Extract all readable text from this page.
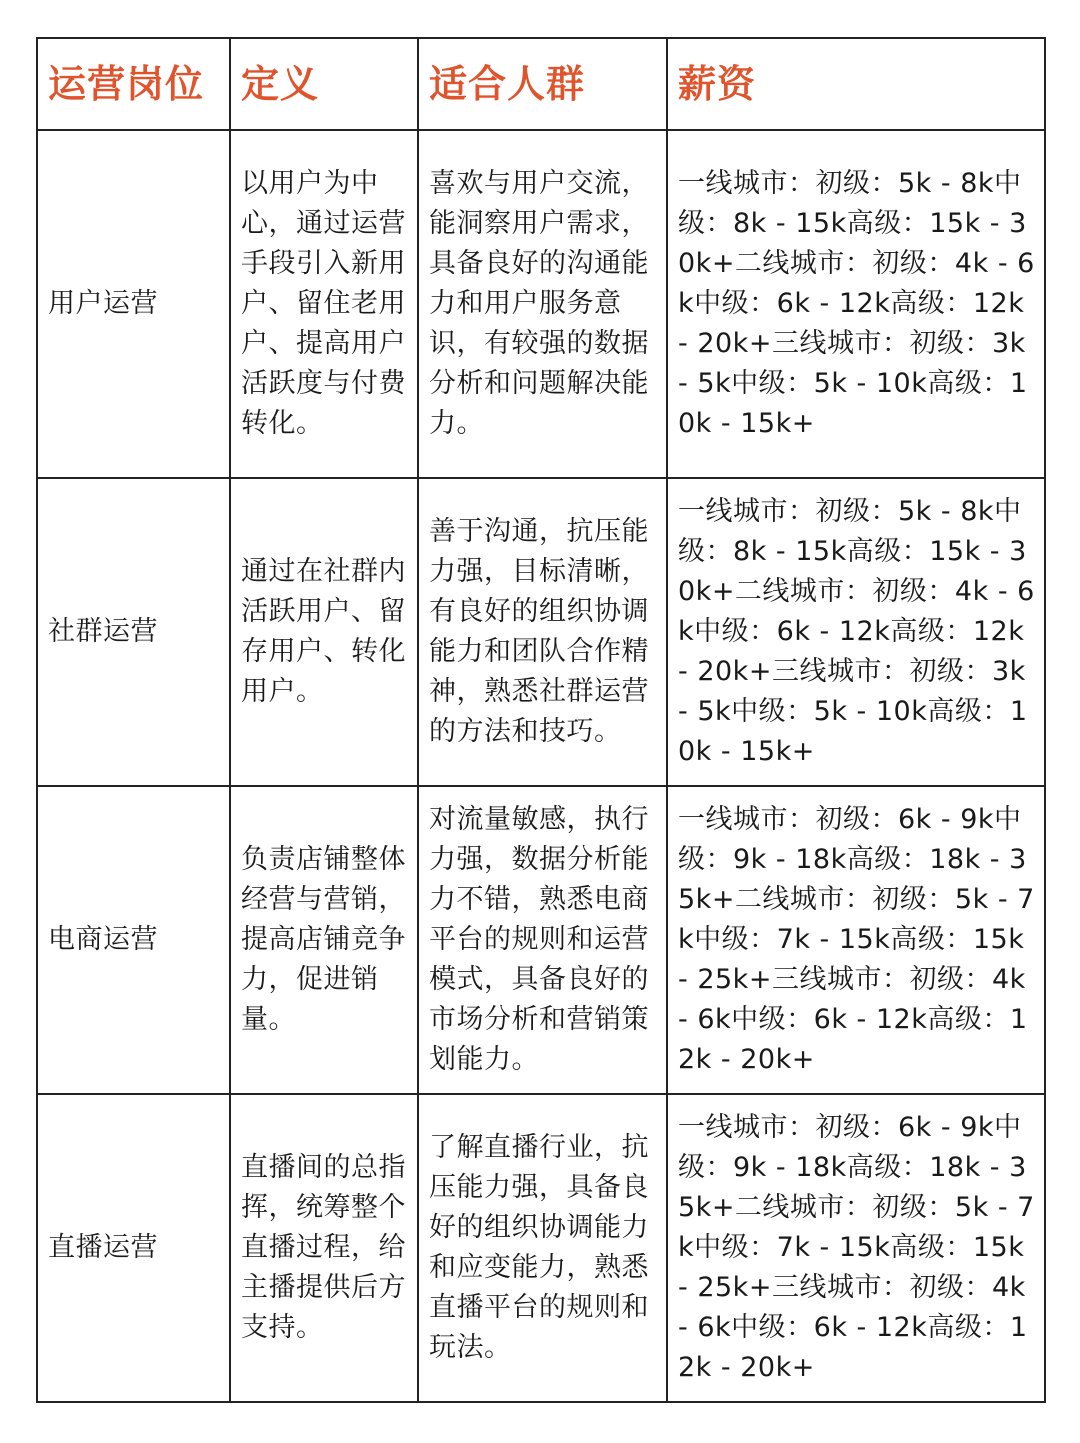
运营岗位	定义	适合人群	薪资
用户运营	以用户为中心，通过运营手段引入新用户、留住老用户、提高用户活跃度与付费转化。	喜欢与用户交流，能洞察用户需求，具备良好的沟通能力和用户服务意识，有较强的数据分析和问题解决能力。	一线城市：初级：5k - 8k中级：8k - 15k高级：15k - 30k+二线城市：初级：4k - 6k中级：6k - 12k高级：12k - 20k+三线城市：初级：3k - 5k中级：5k - 10k高级：10k - 15k+
社群运营	通过在社群内活跃用户、留存用户、转化用户。	善于沟通，抗压能力强，目标清晰，有良好的组织协调能力和团队合作精神，熟悉社群运营的方法和技巧。	一线城市：初级：5k - 8k中级：8k - 15k高级：15k - 30k+二线城市：初级：4k - 6k中级：6k - 12k高级：12k - 20k+三线城市：初级：3k - 5k中级：5k - 10k高级：10k - 15k+
电商运营	负责店铺整体经营与营销，提高店铺竞争力，促进销量。	对流量敏感，执行力强，数据分析能力不错，熟悉电商平台的规则和运营模式，具备良好的市场分析和营销策划能力。	一线城市：初级：6k - 9k中级：9k - 18k高级：18k - 35k+二线城市：初级：5k - 7k中级：7k - 15k高级：15k - 25k+三线城市：初级：4k - 6k中级：6k - 12k高级：12k - 20k+
直播运营	直播间的总指挥，统筹整个直播过程，给主播提供后方支持。	了解直播行业，抗压能力强，具备良好的组织协调能力和应变能力，熟悉直播平台的规则和玩法。	一线城市：初级：6k - 9k中级：9k - 18k高级：18k - 35k+二线城市：初级：5k - 7k中级：7k - 15k高级：15k - 25k+三线城市：初级：4k - 6k中级：6k - 12k高级：12k - 20k+
